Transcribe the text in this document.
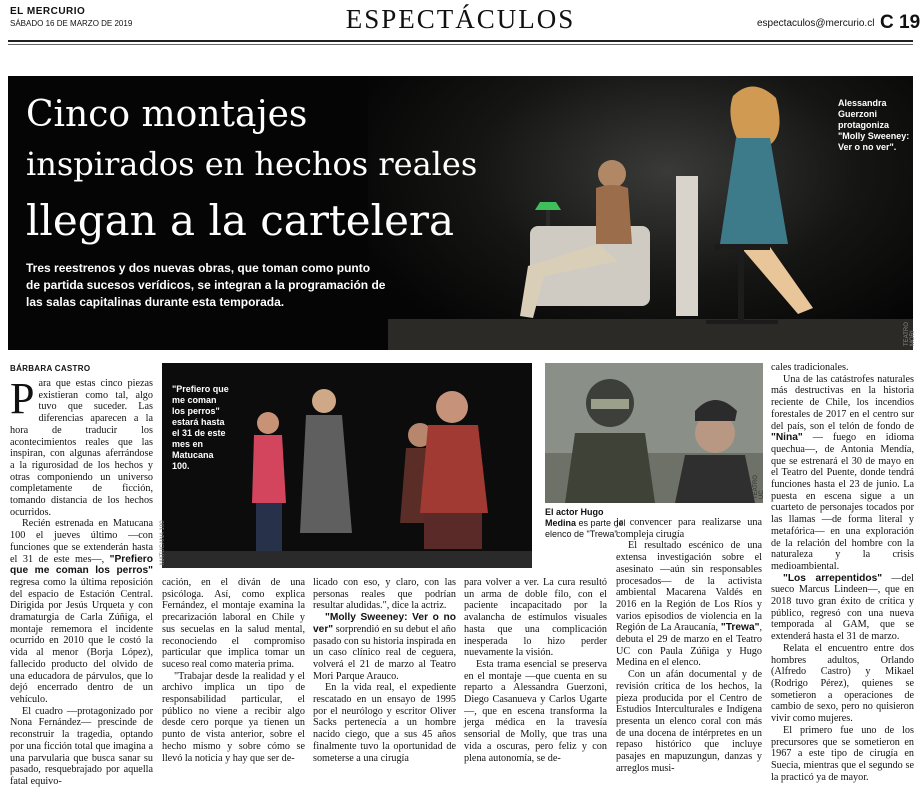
EL MERCURIO
SÁBADO 16 DE MARZO DE 2019	ESPECTÁCULOS	espectaculos@mercurio.cl C 19
Cinco montajes
inspirados en hechos reales
llegan a la cartelera
Tres reestrenos y dos nuevas obras, que toman como punto de partida sucesos verídicos, se integran a la programación de las salas capitalinas durante esta temporada.
Alessandra Guerzoni protagoniza "Molly Sweeney: Ver o no ver".
TEATRO MORI
BÁRBARA CASTRO

Para que estas cinco piezas existieran como tal, algo tuvo que suceder. Las diferencias aparecen a la hora de traducir los acontecimientos reales que las inspiran, con algunas aferrándose a la rigurosidad de los hechos y otras componiendo un universo completamente de ficción, tomando distancia de los hechos ocurridos.

Recién estrenada en Matucana 100 el jueves último —con funciones que se extenderán hasta el 31 de este mes—, "Prefiero que me coman los perros" regresa como la última reposición del espacio de Estación Central. Dirigida por Jesús Urqueta y con dramaturgia de Carla Zúñiga, el montaje rememora el incidente ocurrido en 2010 que le costó la vida al menor (Borja López), fallecido producto del olvido de una educadora de párvulos, que lo dejó encerrado dentro de un vehículo.

El cuadro —protagonizado por Nona Fernández— prescinde de reconstruir la tragedia, optando por una ficción total que imagina a una parvularia que busca sanar su pasado, resquebrajado por aquella fatal equivo-

MATUCANA 100
"Prefiero que me coman los perros" estará hasta el 31 de este mes en Matucana 100.

cación, en el diván de una psicóloga. Así, como explica Fernández, el montaje examina la precarización laboral en Chile y sus secuelas en la salud mental, reconociendo el compromiso particular que implica tomar un suceso real como materia prima.

"Trabajar desde la realidad y el archivo implica un tipo de responsabilidad particular, el público no viene a recibir algo desde cero porque ya tienen un punto de vista anterior, sobre el hecho mismo y sobre cómo se llevó la noticia y hay que ser de-

licado con eso, y claro, con las personas reales que podrían resultar aludidas.", dice la actriz.

"Molly Sweeney: Ver o no ver" sorprendió en su debut el año pasado con su historia inspirada en un caso clínico real de ceguera, volverá el 21 de marzo al Teatro Mori Parque Arauco.

En la vida real, el expediente rescatado en un ensayo de 1995 por el neurólogo y escritor Oliver Sacks pertenecía a un hombre nacido ciego, que a sus 45 años finalmente tuvo la oportunidad de someterse a una cirugía

para volver a ver. La cura resultó un arma de doble filo, con el paciente incapacitado por la avalancha de estímulos visuales hasta que una complicación inesperada lo hizo perder nuevamente la visión.

Esta trama esencial se preserva en el montaje —que cuenta en su reparto a Alessandra Guerzoni, Diego Casanueva y Carlos Ugarte—, que en escena transforma la jerga médica en la travesía sensorial de Molly, que tras una vida a oscuras, pero feliz y con plena autonomía, se de-

TEATRO UC
El actor Hugo Medina es parte del elenco de "Trewa".

ja convencer para realizarse una compleja cirugía

El resultado escénico de una extensa investigación sobre el asesinato —aún sin responsables procesados— de la activista ambiental Macarena Valdés en 2016 en la Región de Los Ríos y varios episodios de violencia en la Región de La Araucanía, "Trewa", debuta el 29 de marzo en el Teatro UC con Paula Zúñiga y Hugo Medina en el elenco.

Con un afán documental y de revisión crítica de los hechos, la pieza producida por el Centro de Estudios Interculturales e Indígena presenta un elenco coral con más de una docena de intérpretes en un repaso histórico que incluye pasajes en mapuzungun, danzas y arreglos musi-

cales tradicionales.

Una de las catástrofes naturales más destructivas en la historia reciente de Chile, los incendios forestales de 2017 en el centro sur del país, son el telón de fondo de "Nina" — fuego en idioma quechua—, de Antonia Mendía, que se estrenará el 30 de mayo en el Teatro del Puente, donde tendrá funciones hasta el 23 de junio. La puesta en escena sigue a un cuarteto de personajes tocados por las llamas —de forma literal y metafórica— en una exploración de la relación del hombre con la naturaleza y la crisis medioambiental.

"Los arrepentidos" —del sueco Marcus Lindeen—, que en 2018 tuvo gran éxito de crítica y público, regresó con una nueva temporada al GAM, que se extenderá hasta el 31 de marzo.

Relata el encuentro entre dos hombres adultos, Orlando (Alfredo Castro) y Mikael (Rodrigo Pérez), quienes se sometieron a operaciones de cambio de sexo, pero no quisieron vivir como mujeres.

El primero fue uno de los precursores que se sometieron en 1967 a este tipo de cirugía en Suecia, mientras que el segundo se la practicó ya de mayor.
